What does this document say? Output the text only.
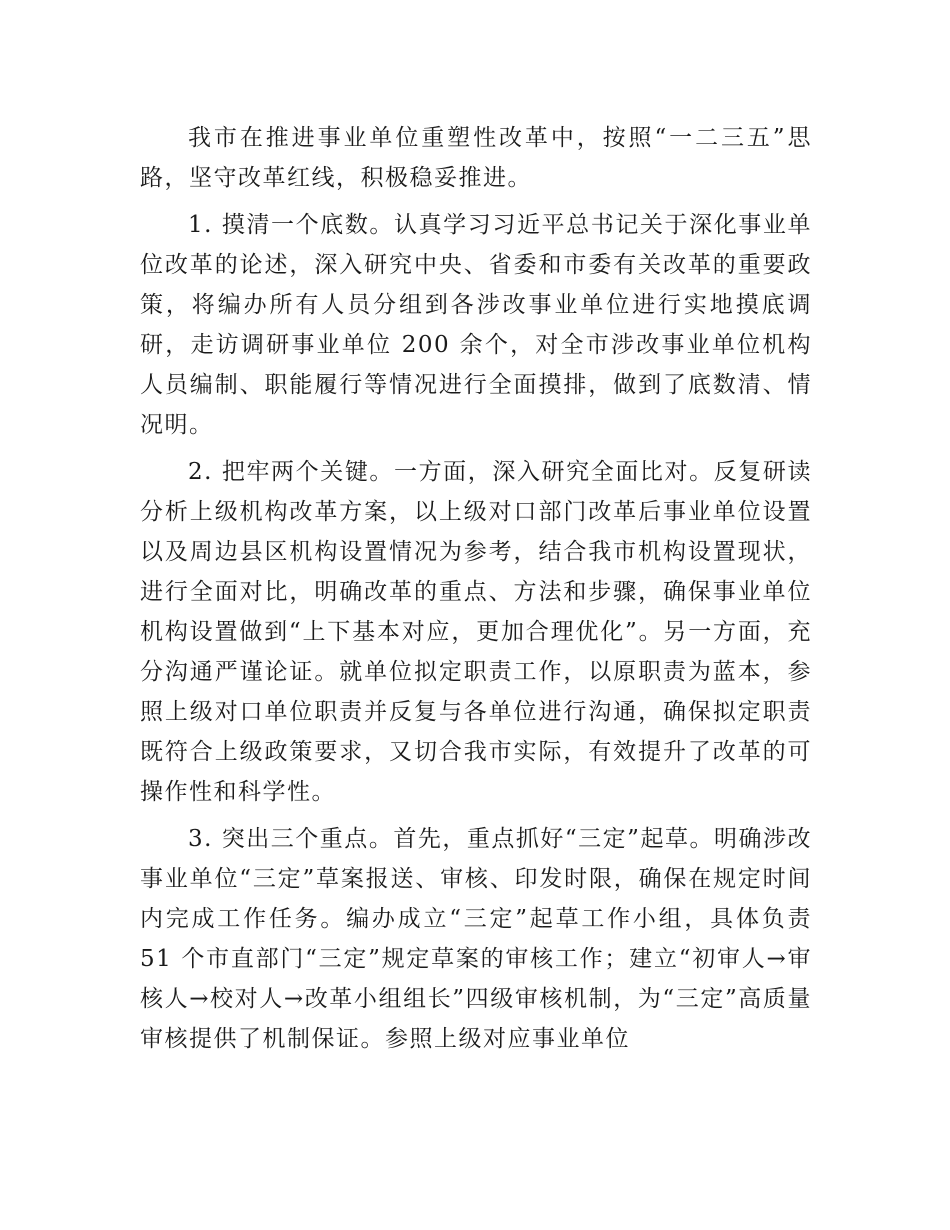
我市在推进事业单位重塑性改革中，按照“一二三五”思路，坚守改革红线，积极稳妥推进。

1. 摸清一个底数。认真学习习近平总书记关于深化事业单位改革的论述，深入研究中央、省委和市委有关改革的重要政策，将编办所有人员分组到各涉改事业单位进行实地摸底调研，走访调研事业单位 200 余个，对全市涉改事业单位机构人员编制、职能履行等情况进行全面摸排，做到了底数清、情况明。

2. 把牢两个关键。一方面，深入研究全面比对。反复研读分析上级机构改革方案，以上级对口部门改革后事业单位设置以及周边县区机构设置情况为参考，结合我市机构设置现状，进行全面对比，明确改革的重点、方法和步骤，确保事业单位机构设置做到“上下基本对应，更加合理优化”。另一方面，充分沟通严谨论证。就单位拟定职责工作，以原职责为蓝本，参照上级对口单位职责并反复与各单位进行沟通，确保拟定职责既符合上级政策要求，又切合我市实际，有效提升了改革的可操作性和科学性。

3. 突出三个重点。首先，重点抓好“三定”起草。明确涉改事业单位“三定”草案报送、审核、印发时限，确保在规定时间内完成工作任务。编办成立“三定”起草工作小组，具体负责 51 个市直部门“三定”规定草案的审核工作；建立“初审人→审核人→校对人→改革小组组长”四级审核机制，为“三定”高质量审核提供了机制保证。参照上级对应事业单位
